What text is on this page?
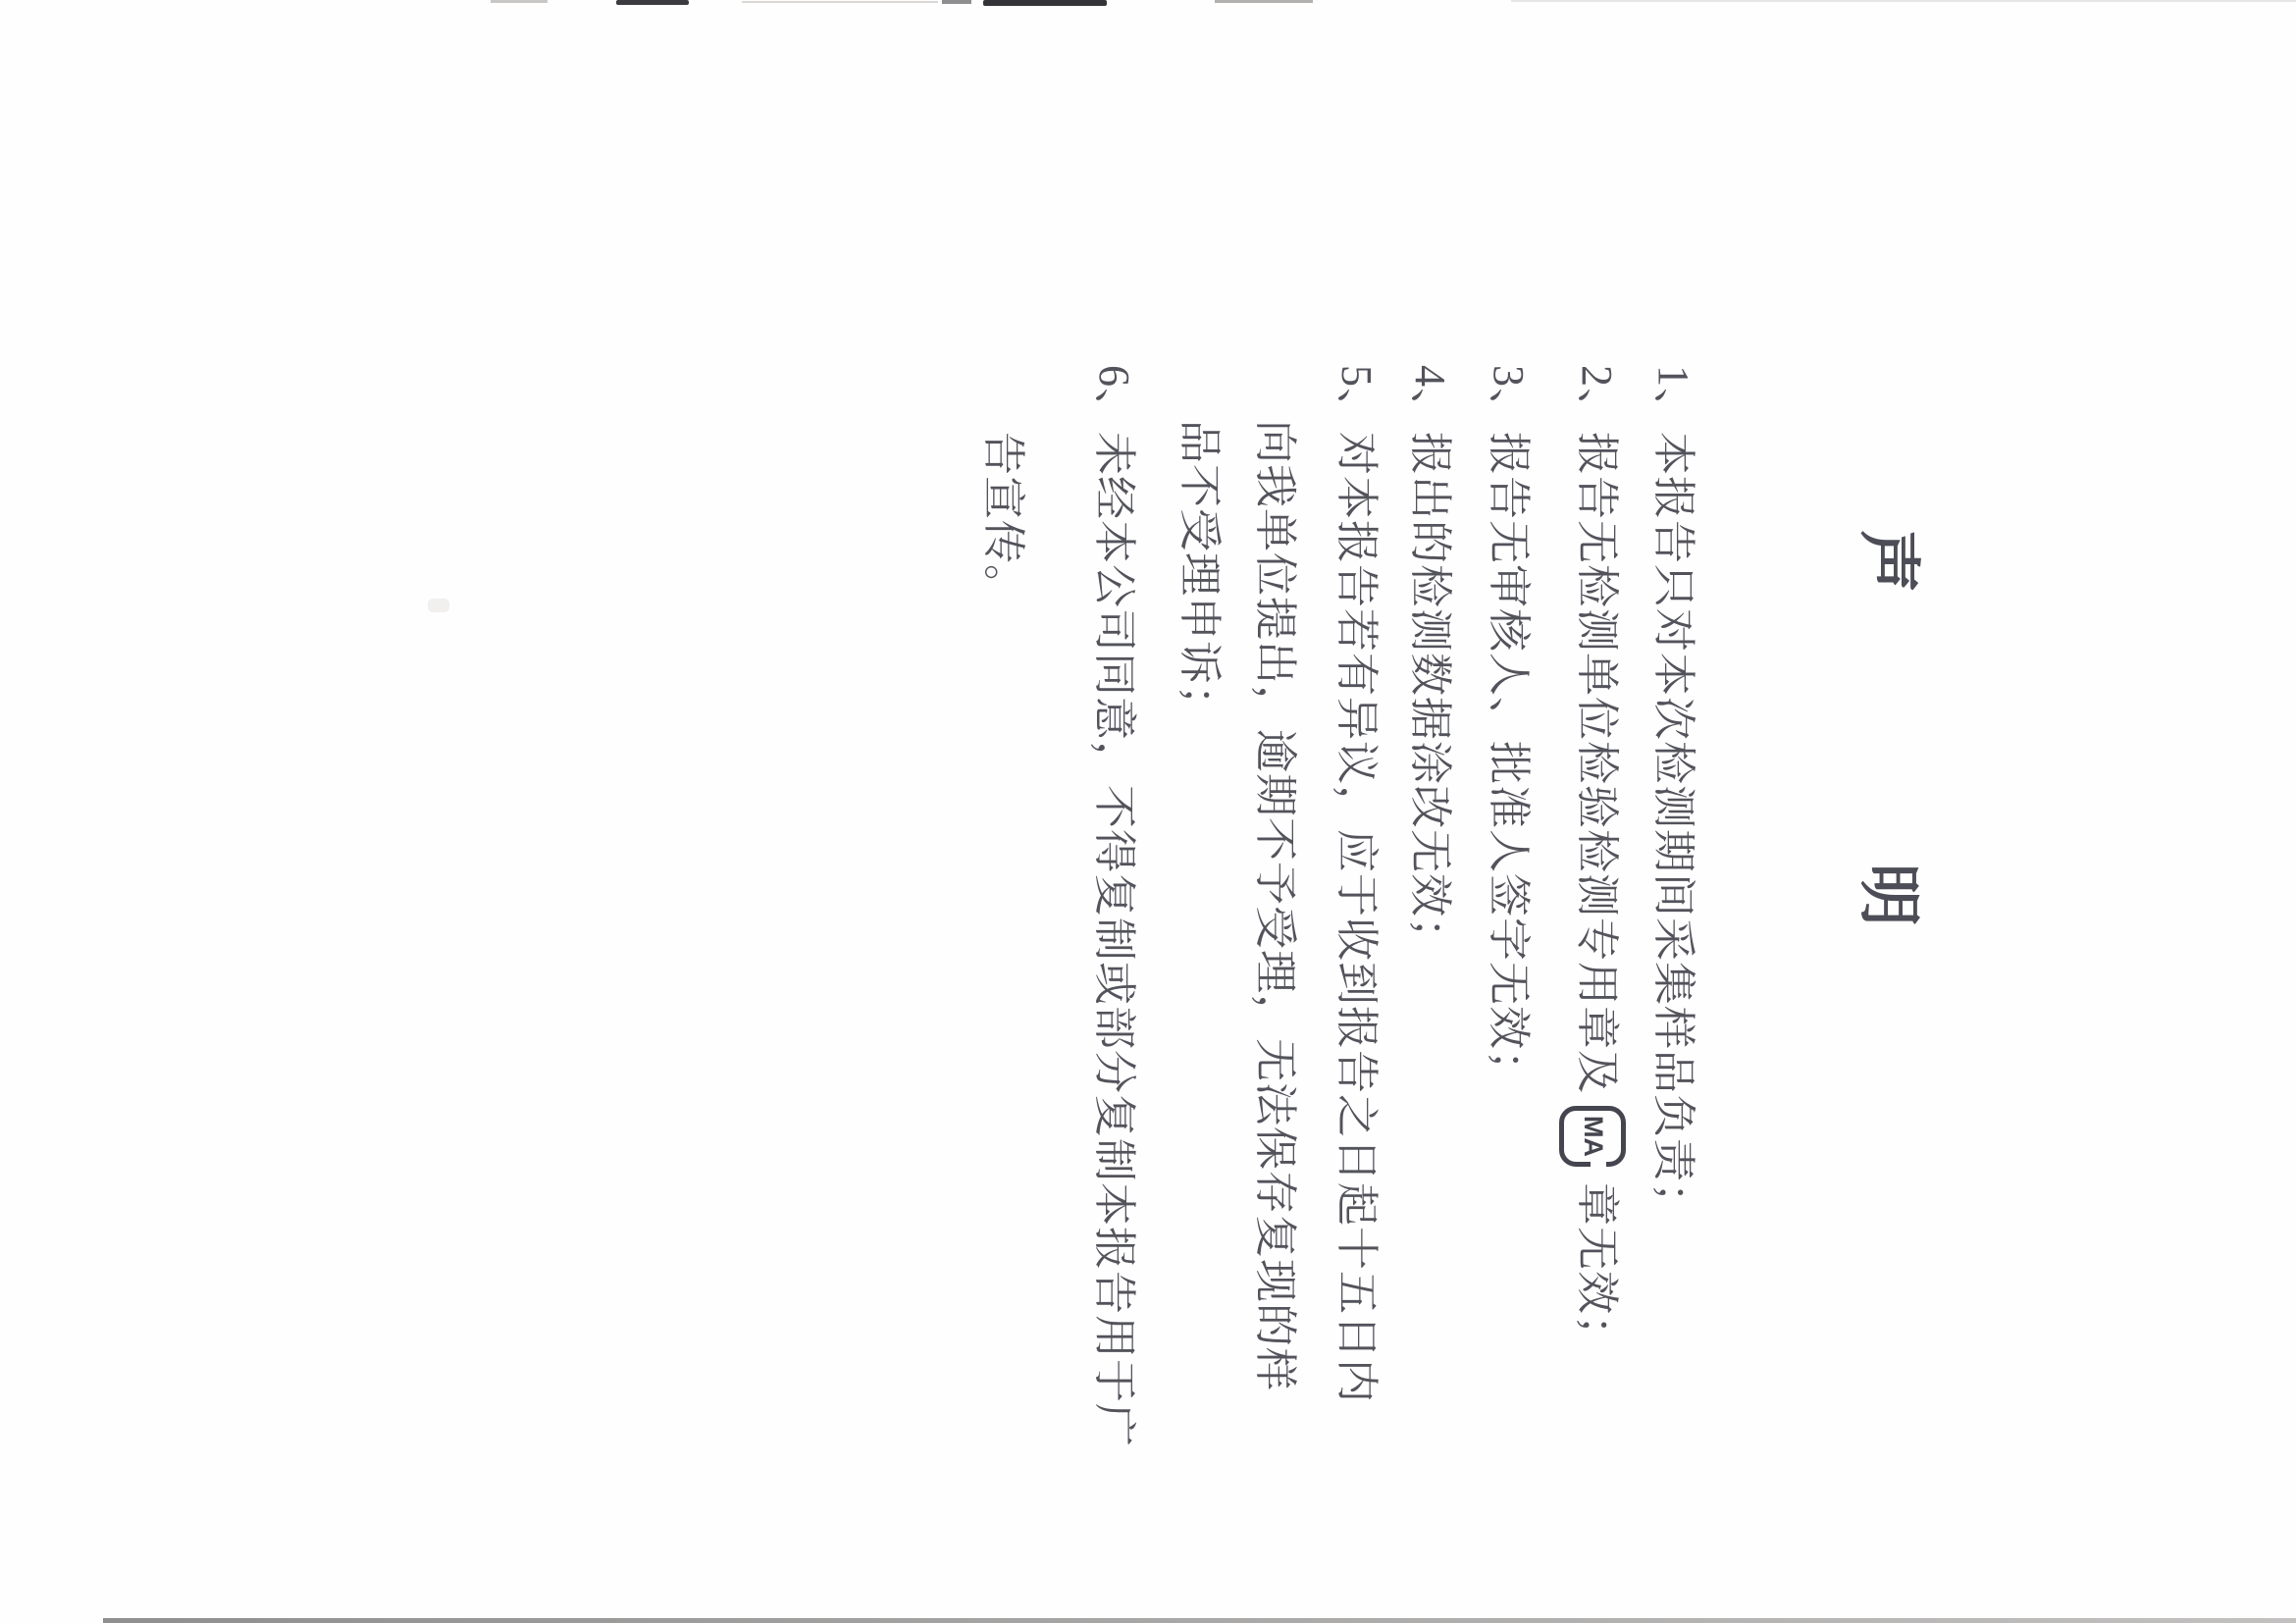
声
明
1、本报告只对本次检测期间采集样品负责；
2、报告无检测单位检验检测专用章及
MA
章无效；
3、报告无审核人、批准人签字无效；
4、报出的检测数据涂改无效；
5、对本报告若有异议，应于收到报告之日起十五日内
向我单位提出，逾期不予受理，无法保存复现的样
品不受理申诉；
6、未经本公司同意，不得复制或部分复制本报告用于广
告宣传。
